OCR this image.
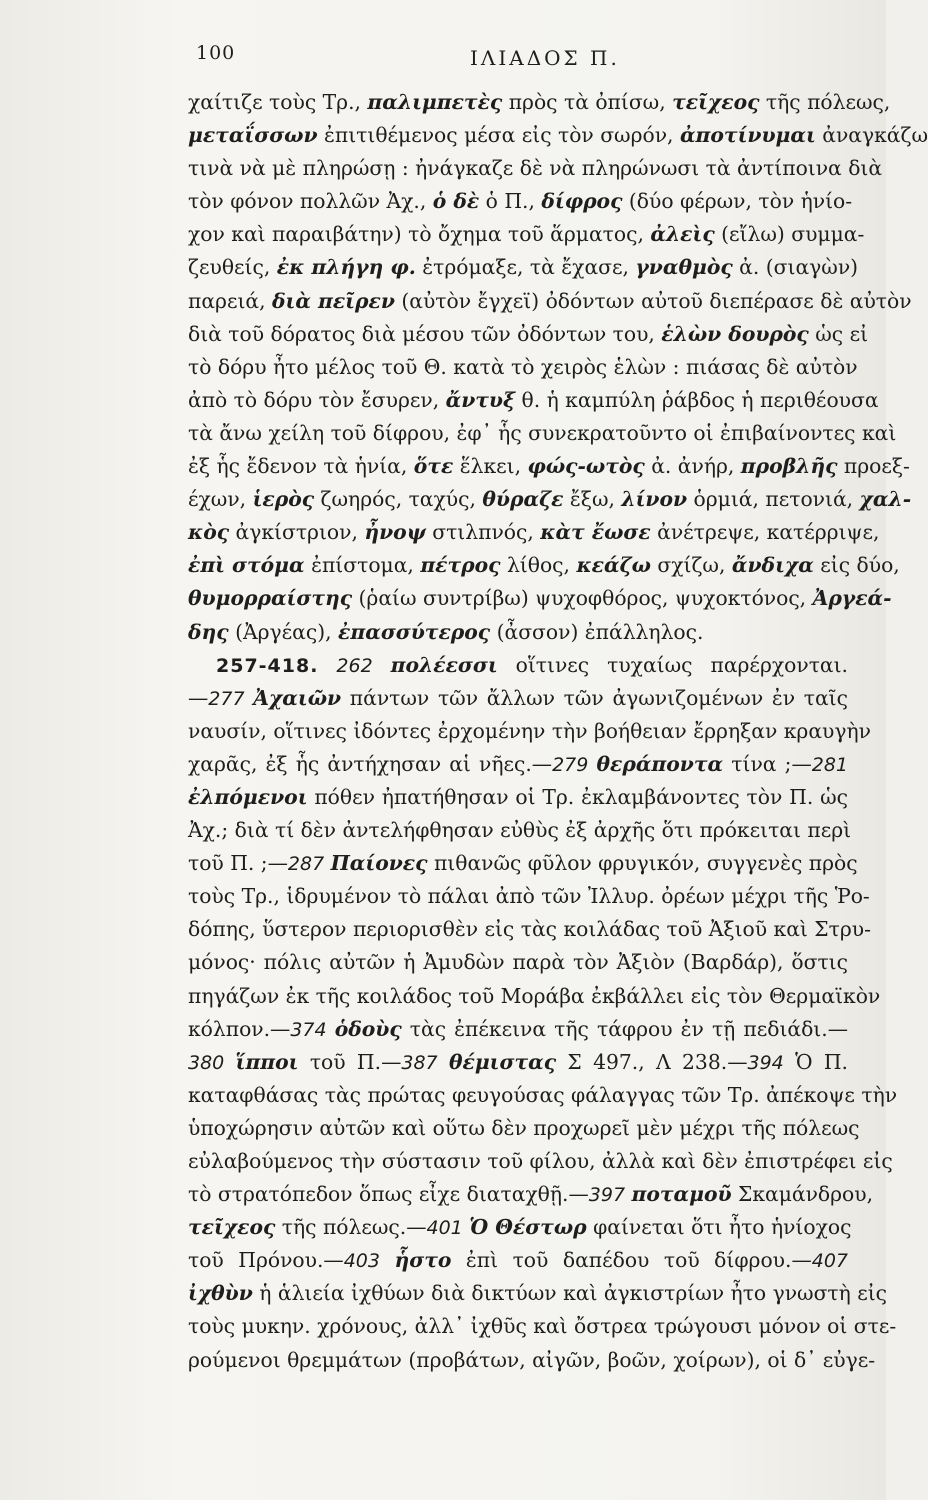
100	ΙΛΙΑΔΟΣ Π.
χαίτιζε τοὺς Τρ., παλιμπετὲς πρὸς τὰ ὀπίσω, τεῖχεος τῆς πόλεως,
μεταΐσσων ἐπιτιθέμενος μέσα εἰς τὸν σωρόν, ἀποτίνυμαι ἀναγκάζω
τινὰ νὰ μὲ πληρώσῃ : ἠνάγκαζε δὲ νὰ πληρώνωσι τὰ ἀντίποινα διὰ
τὸν φόνον πολλῶν Ἀχ., ὁ δὲ ὁ Π., δίφρος (δύο φέρων, τὸν ἡνίο-
χον καὶ παραιβάτην) τὸ ὄχημα τοῦ ἅρματος, ἀλεὶς (εἴλω) συμμα-
ζευθείς, ἐκ πλήγη φ. ἐτρόμαξε, τὰ ἔχασε, γναθμὸς ἀ. (σιαγὼν)
παρειά, διὰ πεῖρεν (αὐτὸν ἔγχεϊ) ὀδόντων αὐτοῦ διεπέρασε δὲ αὐτὸν
διὰ τοῦ δόρατος διὰ μέσου τῶν ὀδόντων του, ἑλὼν δουρὸς ὡς εἰ
τὸ δόρυ ἦτο μέλος τοῦ Θ. κατὰ τὸ χειρὸς ἑλὼν : πιάσας δὲ αὐτὸν
ἀπὸ τὸ δόρυ τὸν ἔσυρεν, ἄντυξ θ. ἡ καμπύλη ῥάβδος ἡ περιθέουσα
τὰ ἄνω χείλη τοῦ δίφρου, ἐφ᾽ ἧς συνεκρατοῦντο οἱ ἐπιβαίνοντες καὶ
ἐξ ἧς ἔδενον τὰ ἡνία, ὅτε ἕλκει, φώς-ωτὸς ἀ. ἀνήρ, προβλῆς προεξ-
έχων, ἱερὸς ζωηρός, ταχύς, θύραζε ἔξω, λίνον ὁρμιά, πετονιά, χαλ-
κὸς ἀγκίστριον, ἦνοψ στιλπνός, κὰτ ἔωσε ἀνέτρεψε, κατέρριψε,
ἐπὶ στόμα ἐπίστομα, πέτρος λίθος, κεάζω σχίζω, ἄνδιχα εἰς δύο,
θυμορραίστης (ῥαίω συντρίβω) ψυχοφθόρος, ψυχοκτόνος, Ἀργεά-
δης (Ἀργέας), ἐπασσύτερος (ἆσσον) ἐπάλληλος.
257-418. 262 πολέεσσι οἵτινες τυχαίως παρέρχονται.
—277 Ἀχαιῶν πάντων τῶν ἄλλων τῶν ἀγωνιζομένων ἐν ταῖς
ναυσίν, οἵτινες ἰδόντες ἐρχομένην τὴν βοήθειαν ἔρρηξαν κραυγὴν
χαρᾶς, ἐξ ἧς ἀντήχησαν αἱ νῆες.—279 θεράποντα τίνα ;—281
ἐλπόμενοι πόθεν ἠπατήθησαν οἱ Τρ. ἐκλαμβάνοντες τὸν Π. ὡς
Ἀχ.; διὰ τί δὲν ἀντελήφθησαν εὐθὺς ἐξ ἀρχῆς ὅτι πρόκειται περὶ
τοῦ Π. ;—287 Παίονες πιθανῶς φῦλον φρυγικόν, συγγενὲς πρὸς
τοὺς Τρ., ἱδρυμένον τὸ πάλαι ἀπὸ τῶν Ἰλλυρ. ὀρέων μέχρι τῆς Ῥο-
δόπης, ὕστερον περιορισθὲν εἰς τὰς κοιλάδας τοῦ Ἀξιοῦ καὶ Στρυ-
μόνος· πόλις αὐτῶν ἡ Ἀμυδὼν παρὰ τὸν Ἀξιὸν (Βαρδάρ), ὅστις
πηγάζων ἐκ τῆς κοιλάδος τοῦ Μοράβα ἐκβάλλει εἰς τὸν Θερμαϊκὸν
κόλπον.—374 ὁδοὺς τὰς ἐπέκεινα τῆς τάφρου ἐν τῇ πεδιάδι.—
380 ἵπποι τοῦ Π.—387 θέμιστας Σ 497., Λ 238.—394 Ὁ Π.
καταφθάσας τὰς πρώτας φευγούσας φάλαγγας τῶν Τρ. ἀπέκοψε τὴν
ὑποχώρησιν αὐτῶν καὶ οὕτω δὲν προχωρεῖ μὲν μέχρι τῆς πόλεως
εὐλαβούμενος τὴν σύστασιν τοῦ φίλου, ἀλλὰ καὶ δὲν ἐπιστρέφει εἰς
τὸ στρατόπεδον ὅπως εἶχε διαταχθῇ.—397 ποταμοῦ Σκαμάνδρου,
τεῖχεος τῆς πόλεως.—401 Ὁ Θέστωρ φαίνεται ὅτι ἦτο ἡνίοχος
τοῦ Πρόνου.—403 ἧστο ἐπὶ τοῦ δαπέδου τοῦ δίφρου.—407
ἰχθὺν ἡ ἁλιεία ἰχθύων διὰ δικτύων καὶ ἀγκιστρίων ἦτο γνωστὴ εἰς
τοὺς μυκην. χρόνους, ἀλλ᾽ ἰχθῦς καὶ ὄστρεα τρώγουσι μόνον οἱ στε-
ρούμενοι θρεμμάτων (προβάτων, αἰγῶν, βοῶν, χοίρων), οἱ δ᾽ εὐγε-
